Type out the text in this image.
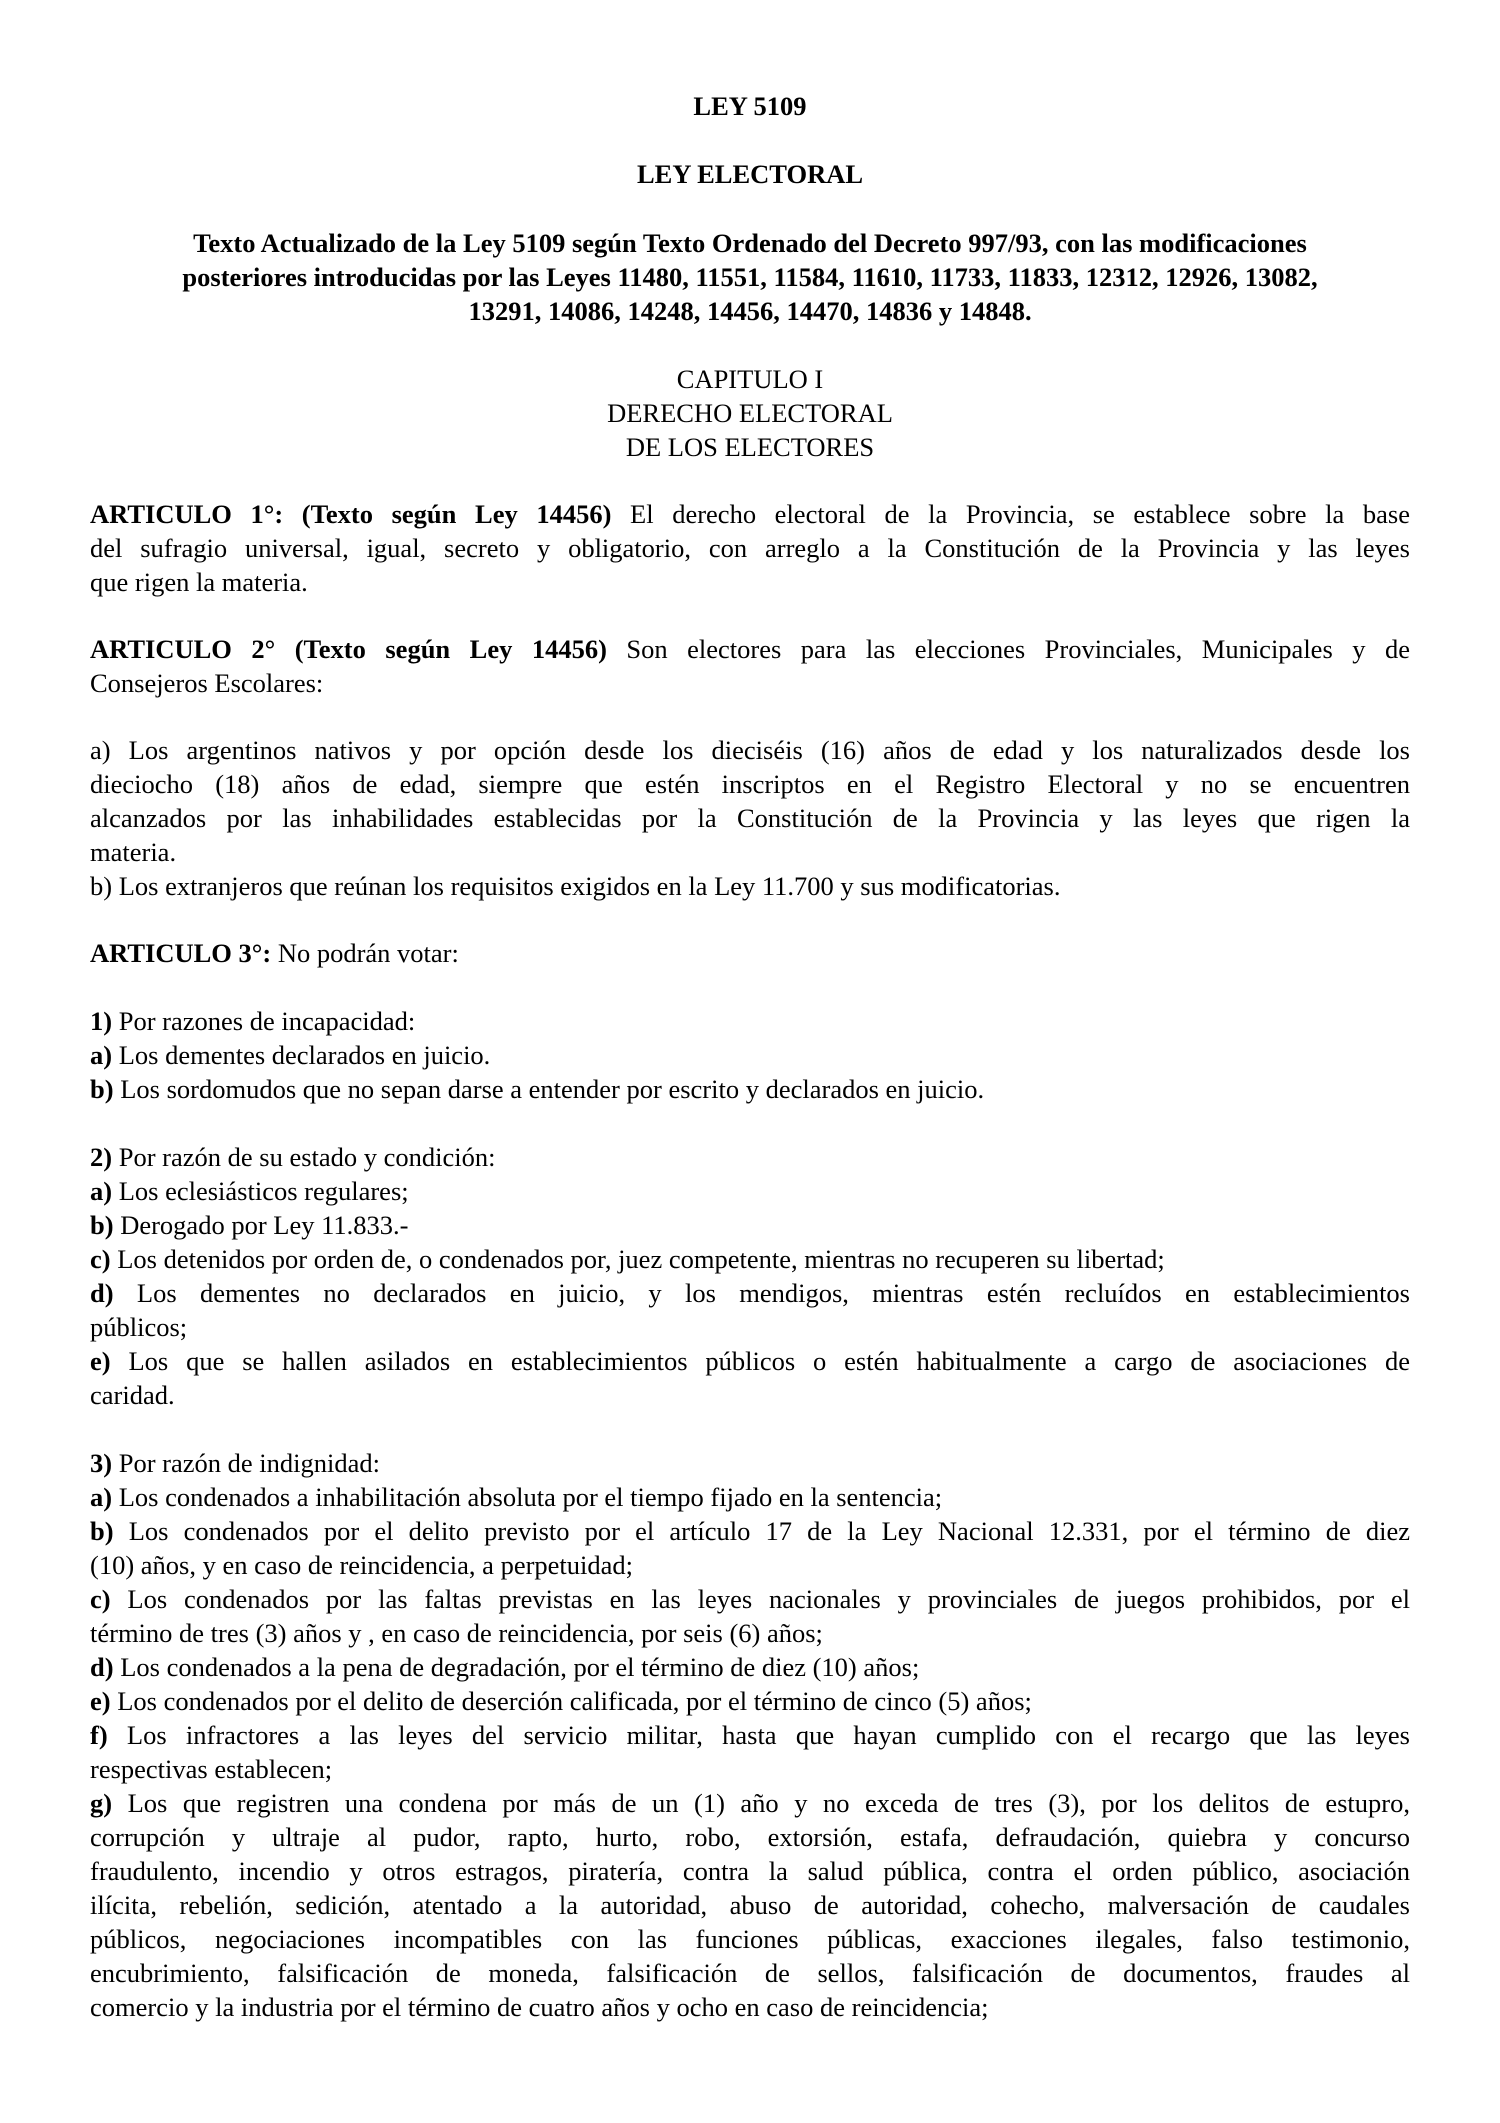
LEY 5109
LEY ELECTORAL
Texto Actualizado de la Ley 5109 según Texto Ordenado del Decreto 997/93, con las modificaciones
posteriores introducidas por las Leyes 11480, 11551, 11584, 11610, 11733, 11833, 12312, 12926, 13082,
13291, 14086, 14248, 14456, 14470, 14836 y 14848.
CAPITULO I
DERECHO ELECTORAL
DE LOS ELECTORES
ARTICULO 1°: (Texto según Ley 14456) El derecho electoral de la Provincia, se establece sobre la base
del sufragio universal, igual, secreto y obligatorio, con arreglo a la Constitución de la Provincia y las leyes
que rigen la materia.
ARTICULO 2° (Texto según Ley 14456) Son electores para las elecciones Provinciales, Municipales y de
Consejeros Escolares:
a) Los argentinos nativos y por opción desde los dieciséis (16) años de edad y los naturalizados desde los
dieciocho (18) años de edad, siempre que estén inscriptos en el Registro Electoral y no se encuentren
alcanzados por las inhabilidades establecidas por la Constitución de la Provincia y las leyes que rigen la
materia.
b) Los extranjeros que reúnan los requisitos exigidos en la Ley 11.700 y sus modificatorias.
ARTICULO 3°: No podrán votar:
1) Por razones de incapacidad:
a) Los dementes declarados en juicio.
b) Los sordomudos que no sepan darse a entender por escrito y declarados en juicio.
2) Por razón de su estado y condición:
a) Los eclesiásticos regulares;
b) Derogado por Ley 11.833.-
c) Los detenidos por orden de, o condenados por, juez competente, mientras no recuperen su libertad;
d) Los dementes no declarados en juicio, y los mendigos, mientras estén recluídos en establecimientos
públicos;
e) Los que se hallen asilados en establecimientos públicos o estén habitualmente a cargo de asociaciones de
caridad.
3) Por razón de indignidad:
a) Los condenados a inhabilitación absoluta por el tiempo fijado en la sentencia;
b) Los condenados por el delito previsto por el artículo 17 de la Ley Nacional 12.331, por el término de diez
(10) años, y en caso de reincidencia, a perpetuidad;
c) Los condenados por las faltas previstas en las leyes nacionales y provinciales de juegos prohibidos, por el
término de tres (3) años y , en caso de reincidencia, por seis (6) años;
d) Los condenados a la pena de degradación, por el término de diez (10) años;
e) Los condenados por el delito de deserción calificada, por el término de cinco (5) años;
f) Los infractores a las leyes del servicio militar, hasta que hayan cumplido con el recargo que las leyes
respectivas establecen;
g) Los que registren una condena por más de un (1) año y no exceda de tres (3), por los delitos de estupro,
corrupción y ultraje al pudor, rapto, hurto, robo, extorsión, estafa, defraudación, quiebra y concurso
fraudulento, incendio y otros estragos, piratería, contra la salud pública, contra el orden público, asociación
ilícita, rebelión, sedición, atentado a la autoridad, abuso de autoridad, cohecho, malversación de caudales
públicos, negociaciones incompatibles con las funciones públicas, exacciones ilegales, falso testimonio,
encubrimiento, falsificación de moneda, falsificación de sellos, falsificación de documentos, fraudes al
comercio y la industria por el término de cuatro años y ocho en caso de reincidencia;
